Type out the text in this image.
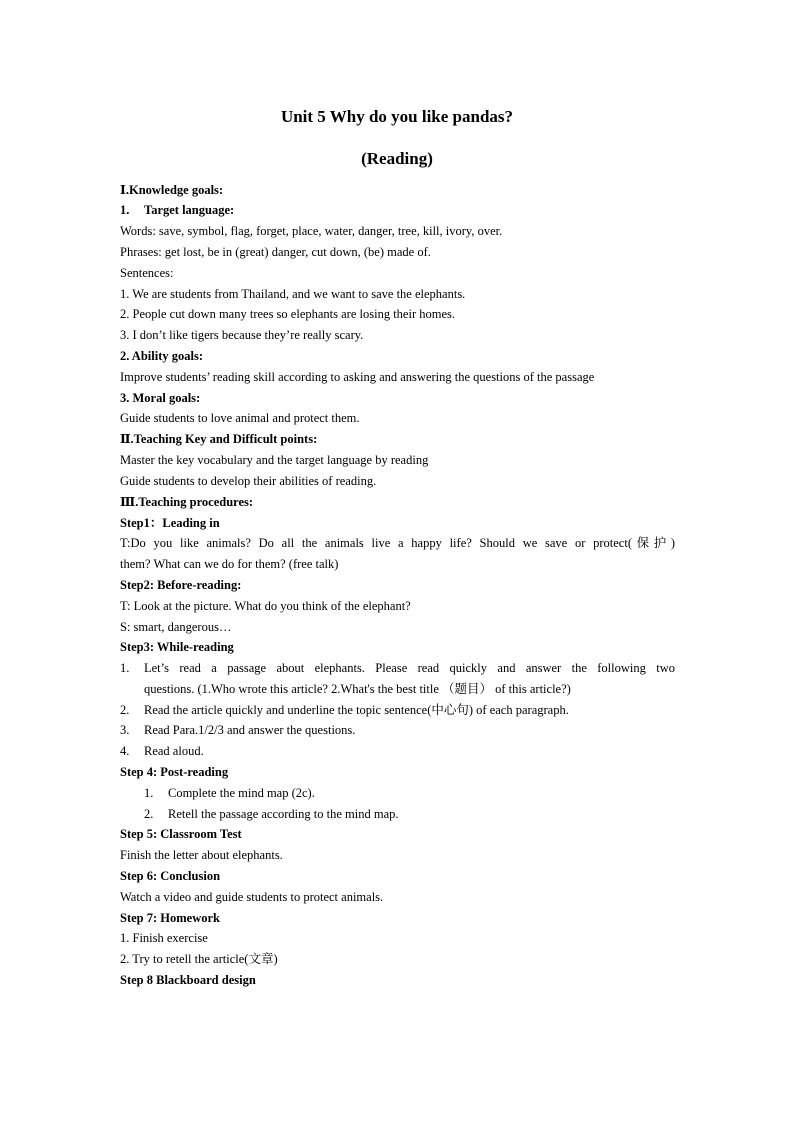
Unit 5 Why do you like pandas?
(Reading)
Ⅰ.Knowledge goals:
1. Target language:
Words: save, symbol, flag, forget, place, water, danger, tree, kill, ivory, over.
Phrases: get lost, be in (great) danger, cut down, (be) made of.
Sentences:
1. We are students from Thailand, and we want to save the elephants.
2. People cut down many trees so elephants are losing their homes.
3. I don’t like tigers because they’re really scary.
2. Ability goals:
Improve students’ reading skill according to asking and answering the questions of the passage
3. Moral goals:
Guide students to love animal and protect them.
Ⅱ.Teaching Key and Difficult points:
Master the key vocabulary and the target language by reading
Guide students to develop their abilities of reading.
Ⅲ.Teaching procedures:
Step1：Leading in
T:Do you like animals? Do all the animals live a happy life? Should we save or protect(保护)
them? What can we do for them? (free talk)
Step2: Before-reading:
T: Look at the picture. What do you think of the elephant?
S: smart, dangerous…
Step3: While-reading
1.	Let’s read a passage about elephants. Please read quickly and answer the following two
questions. (1.Who wrote this article? 2.What's the best title （题目） of this article?)
2. Read the article quickly and underline the topic sentence(中心句) of each paragraph.
3. Read Para.1/2/3 and answer the questions.
4. Read aloud.
Step 4: Post-reading
1. Complete the mind map (2c).
2. Retell the passage according to the mind map.
Step 5: Classroom Test
Finish the letter about elephants.
Step 6: Conclusion
Watch a video and guide students to protect animals.
Step 7: Homework
1. Finish exercise
2. Try to retell the article(文章)
Step 8 Blackboard design
